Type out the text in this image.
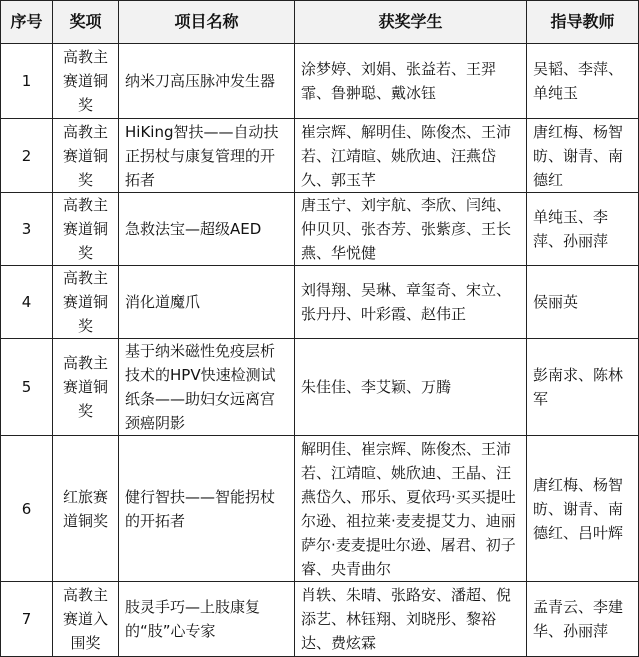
序号	奖项	项目名称	获奖学生	指导教师
1	高教主赛道铜奖	纳米刀高压脉冲发生器	涂梦婷、刘娟、张益若、王羿霏、鲁翀聪、戴冰钰	吴韬、李萍、单纯玉
2	高教主赛道铜奖	HiKing智扶——自动扶正拐杖与康复管理的开拓者	崔宗辉、解明佳、陈俊杰、王沛若、江靖暄、姚欣迪、汪燕岱久、郭玉芊	唐红梅、杨智昉、谢青、南德红
3	高教主赛道铜奖	急救法宝—超级AED	唐玉宁、刘宇航、李欣、闫纯、仲贝贝、张杏芳、张紫彦、王长燕、华悦健	单纯玉、李萍、孙丽萍
4	高教主赛道铜奖	消化道魔爪	刘得翔、吴琳、章玺奇、宋立、张丹丹、叶彩霞、赵伟正	侯丽英
5	高教主赛道铜奖	基于纳米磁性免疫层析技术的HPV快速检测试纸条——助妇女远离宫颈癌阴影	朱佳佳、李艾颖、万腾	彭南求、陈林军
6	红旅赛道铜奖	健行智扶——智能拐杖的开拓者	解明佳、崔宗辉、陈俊杰、王沛若、江靖暄、姚欣迪、王晶、汪燕岱久、邢乐、夏依玛·买买提吐尔逊、祖拉莱·麦麦提艾力、迪丽萨尔·麦麦提吐尔逊、屠君、初子睿、央青曲尔	唐红梅、杨智昉、谢青、南德红、吕叶辉
7	高教主赛道入围奖	肢灵手巧—上肢康复的“肢”心专家	肖轶、朱晴、张路安、潘超、倪添艺、林钰翔、刘晓彤、黎裕达、费炫霖	孟青云、李建华、孙丽萍
